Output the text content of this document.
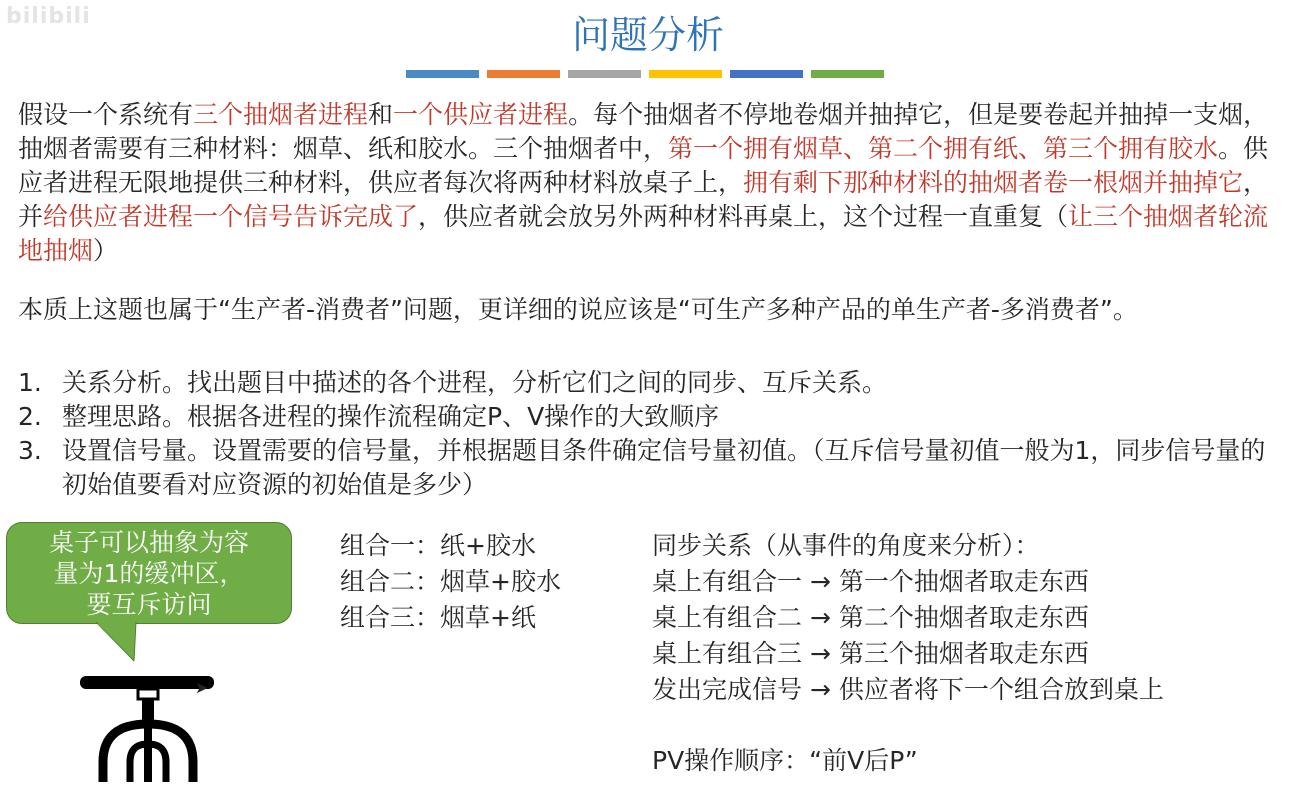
bilibili	问题分析
假设一个系统有三个抽烟者进程和一个供应者进程。每个抽烟者不停地卷烟并抽掉它，但是要卷起并抽掉一支烟，抽烟者需要有三种材料：烟草、纸和胶水。三个抽烟者中，第一个拥有烟草、第二个拥有纸、第三个拥有胶水。供应者进程无限地提供三种材料，供应者每次将两种材料放桌子上，拥有剩下那种材料的抽烟者卷一根烟并抽掉它，并给供应者进程一个信号告诉完成了，供应者就会放另外两种材料再桌上，这个过程一直重复（让三个抽烟者轮流地抽烟）
本质上这题也属于“生产者-消费者”问题，更详细的说应该是“可生产多种产品的单生产者-多消费者”。
1. 关系分析。找出题目中描述的各个进程，分析它们之间的同步、互斥关系。
2. 整理思路。根据各进程的操作流程确定P、V操作的大致顺序
3. 设置信号量。设置需要的信号量，并根据题目条件确定信号量初值。（互斥信号量初值一般为1，同步信号量的初始值要看对应资源的初始值是多少）
桌子可以抽象为容
量为1的缓冲区，
要互斥访问
➤
组合一：纸+胶水
组合二：烟草+胶水
组合三：烟草+纸
同步关系（从事件的角度来分析）：
桌上有组合一 → 第一个抽烟者取走东西
桌上有组合二 → 第二个抽烟者取走东西
桌上有组合三 → 第三个抽烟者取走东西
发出完成信号 → 供应者将下一个组合放到桌上
PV操作顺序：“前V后P”
